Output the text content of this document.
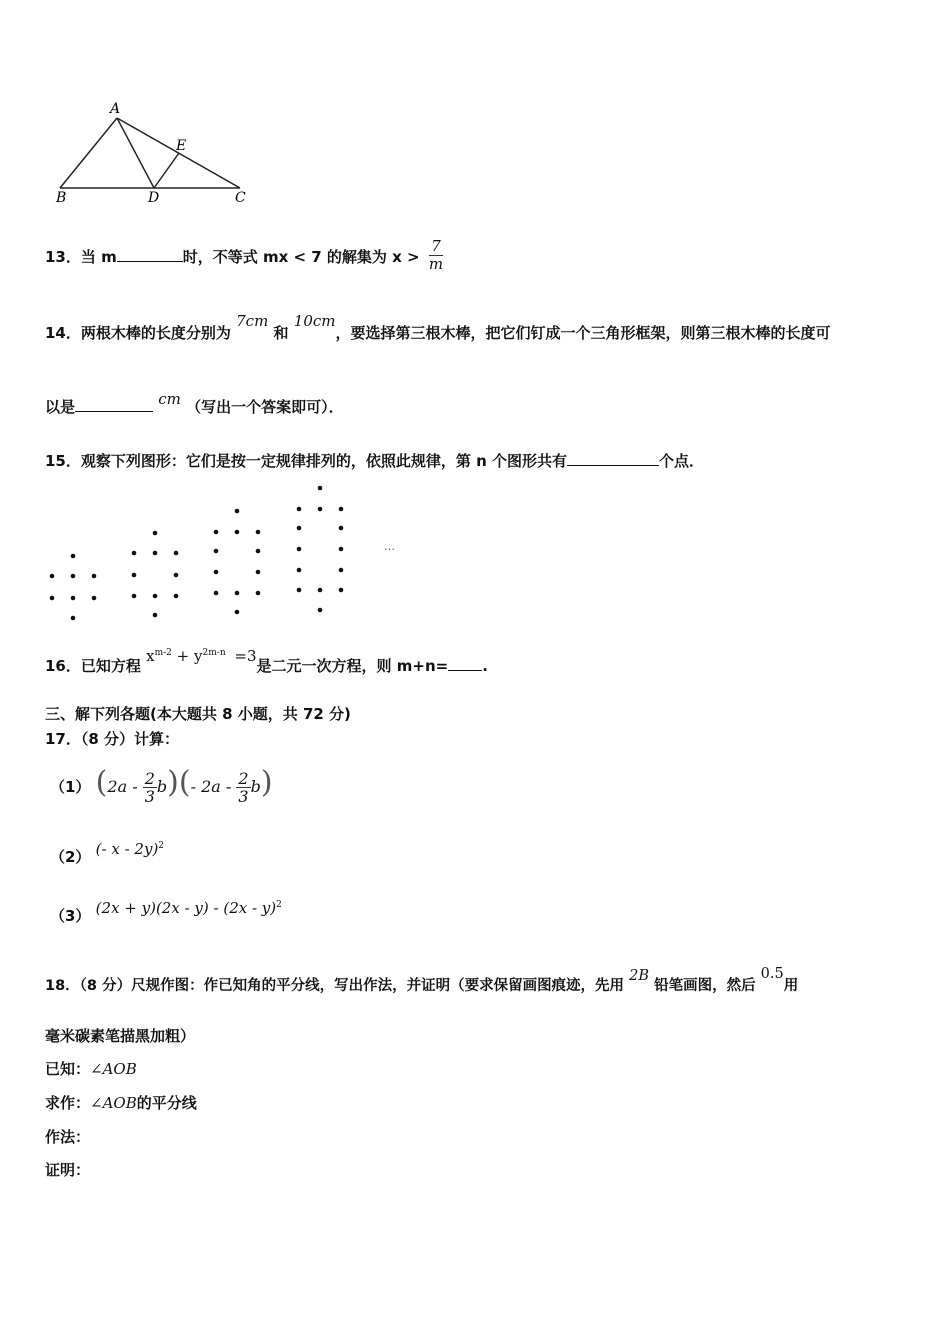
A
B	C
D
E
13．当 m	时，不等式 mx < 7 的解集为 $x > \frac{7}{m}$
14．两根木棒的长度分别为 7cm 和 10cm，要选择第三根木棒，把它们钉成一个三角形框架，则第三根木棒的长度可
以是	cm （写出一个答案即可）．
15．观察下列图形：它们是按一定规律排列的，依照此规律，第 n 个图形共有	个点．
…
16．已知方程 $x^{m-2} + y^{2m-n} =3$是二元一次方程，则 m+n= .
三、解下列各题(本大题共 8 小题，共 72 分)
17．（8 分）计算：
（1） $(2a - \frac{2}{3} b)(-$ $2a - \frac{2}{3} b$)
（2） (- x - 2y)$^2$
（3） (2x + y)(2x - y) - (2x - y)$^2$
18．（8 分）尺规作图：作已知角的平分线，写出作法，并证明（要求保留画图痕迹，先用 2B 铅笔画图，然后 0.5用
毫米碳素笔描黑加粗）
已知：∠AOB
求作：∠AOB的平分线
作法：
证明：
